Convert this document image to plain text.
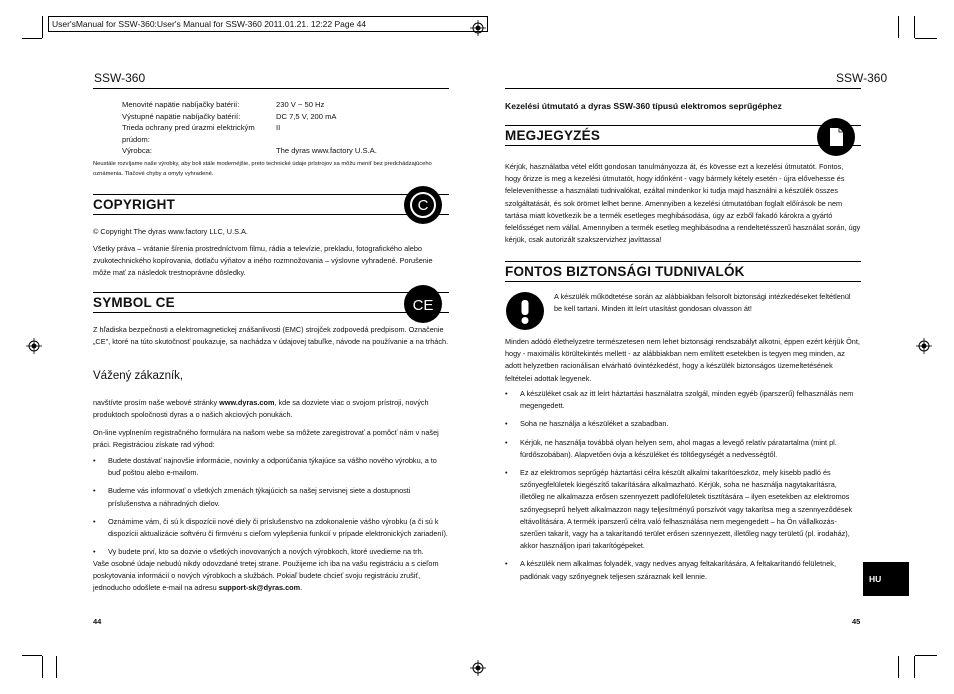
User'sManual for SSW-360:User's Manual for SSW-360 2011.01.21. 12:22 Page 44
SSW-360
Menovité napätie nabíjačky batérií:	230 V ~ 50 Hz
Výstupné napätie nabíjačky batérií:	DC 7,5 V, 200 mA
Trieda ochrany pred úrazmi elektrickým prúdom:
II
Výrobca:	The dyras www.factory U.S.A.
Neustále rozvíjame naše výrobky, aby boli stále modernéjšie, preto technické údaje prístrojov sa môžu meniť bez predchádzajúceho
oznámenia. Tlačové chyby a omyly vyhradené.
COPYRIGHT	C
© Copyright The dyras www.factory LLC, U.S.A.
Všetky práva – vrátanie šírenia prostredníctvom filmu, rádia a televízie, prekladu, fotografického alebo zvukotechnického kopírovania, dotlaču výňatov a iného rozmnožovania – výslovne vyhradené. Porušenie môže mať za následok trestnoprávne dôsledky.
SYMBOL CE	CE
Z hľadiska bezpečnosti a elektromagnetickej znášanlivosti (EMC) strojček zodpovedá predpisom. Označenie „CE", ktoré na túto skutočnosť poukazuje, sa nachádza v údajovej tabuľke, návode na používanie a na trhách.
Vážený zákazník,
navštívte prosím naše webové stránky www.dyras.com, kde sa dozviete viac o svojom prístroji, nových produktoch spoločnosti dyras a o našich akciových ponukách.
On-line vyplnením registračného formulára na našom webe sa môžete zaregistrovať a pomôcť nám v našej práci. Registráciou získate rad výhod:
• Budete dostávať najnovšie informácie, novinky a odporúčania týkajúce sa vášho nového výrobku, a to buď poštou alebo e-mailom.
• Budeme vás informovať o všetkých zmenách týkajúcich sa našej servisnej siete a dostupnosti príslušenstva a náhradných dielov.
• Oznámime vám, či sú k dispozícii nové diely či príslušenstvo na zdokonalenie vášho výrobku (a či sú k dispozícii aktualizácie softvéru či firmvéru s cieľom vylepšenia funkcií v prípade elektronických zariadení).
• Vy budete prví, kto sa dozvie o všetkých inovovaných a nových výrobkoch, ktoré uvedieme na trh.
Vaše osobné údaje nebudú nikdy odovzdané tretej strane. Použijeme ich iba na vašu registráciu a s cieľom poskytovania informácií o nových výrobkoch a službách. Pokiaľ budete chcieť svoju registráciu zrušiť, jednoducho odošlete e-mail na adresu support-sk@dyras.com.
44
SSW-360
Kezelési útmutató a dyras SSW-360 típusú elektromos seprűgéphez
MEGJEGYZÉS
Kérjük, használatba vétel előtt gondosan tanulmányozza át, és kövesse ezt a kezelési útmutatót. Fontos, hogy őrizze is meg a kezelési útmutatót, hogy időnként - vagy bármely kétely esetén - újra elővehesse és feleleveníthesse a használati tudnivalókat, ezáltal mindenkor ki tudja majd használni a készülék összes szolgáltatását, és sok örömet lelhet benne. Amennyiben a kezelési útmutatóban foglalt előírások be nem tartása miatt következik be a termék esetleges meghibásodása, úgy az ezből fakadó károkra a gyártó felelősséget nem vállal. Amennyiben a termék esetleg meghibásodna a rendeltetésszerű használat során, úgy kérjük, csak autorizált szakszervizhez javíttassa!
FONTOS BIZTONSÁGI TUDNIVALÓK
A készülék működtetése során az alábbiakban felsorolt biztonsági intézkedéseket feltétlenül be kell tartani. Minden itt leírt utasítást gondosan olvasson át!
Minden adódó élethelyzetre természetesen nem lehet biztonsági rendszabályt alkotni, éppen ezért kérjük Önt, hogy - maximális körültekintés mellett - az alábbiakban nem említett esetekben is tegyen meg minden, az adott helyzetben racionálisan elvárható óvintézkedést, hogy a készülék biztonságos üzemeltetésének feltételei adottak legyenek.
• A készüléket csak az itt leírt háztartási használatra szolgál, minden egyéb (iparszerű) felhasználás nem megengedett.
• Soha ne használja a készüléket a szabadban.
• Kérjük, ne használja továbbá olyan helyen sem, ahol magas a levegő relatív páratartalma (mint pl. fürdőszobában). Alapvetően óvja a készüléket és töltőegységét a nedvességtől.
• Ez az elektromos seprűgép háztartási célra készült alkalmi takarítóeszköz, mely kisebb padló és szőnyegfelületek kiegészítő takarítására alkalmazható. Kérjük, soha ne használja nagytakarításra, illetőleg ne alkalmazza erősen szennyezett padlófelületek tisztítására – ilyen esetekben az elektromos szőnyegseprű helyett alkalmazzon nagy teljesítményű porszívót vagy takarítsa meg a szennyeződések eltávolítására. A termék iparszerű célra való felhasználása nem megengedett – ha Ön vállalkozás-szerűen takarít, vagy ha a takarítandó terület erősen szennyezett, illetőleg nagy területű (pl. irodaház), akkor használjon ipari takarítógépeket.
• A készülék nem alkalmas folyadék, vagy nedves anyag feltakarítására. A feltakarítandó felületnek, padlónak vagy szőnyegnek teljesen száraznak kell lennie.	HU
45
